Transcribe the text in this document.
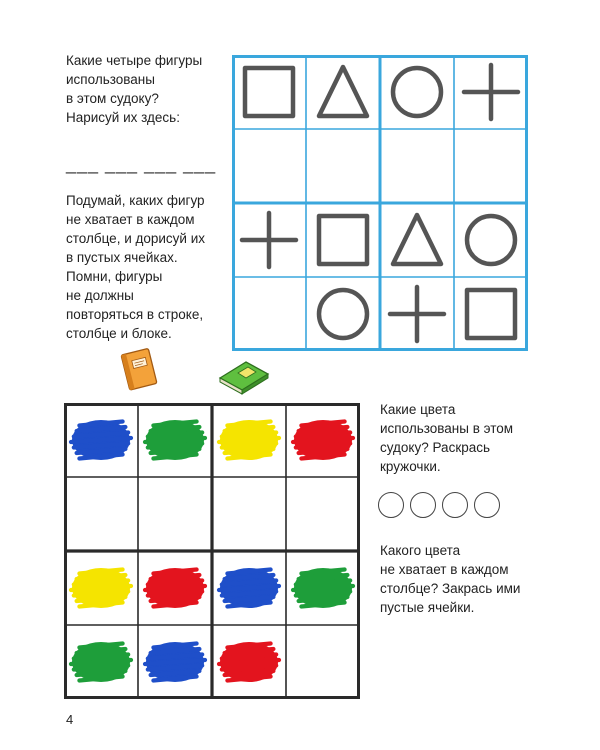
Какие четыре фигуры
использованы
в этом судоку?
Нарисуй их здесь:
___ ___ ___ ___
Подумай, каких фигур
не хватает в каждом
столбце, и дорисуй их
в пустых ячейках.
Помни, фигуры
не должны
повторяться в строке,
столбце и блоке.
Какие цвета
использованы в этом
судоку? Раскрась
кружочки.
Какого цвета
не хватает в каждом
столбце? Закрась ими
пустые ячейки.
4
